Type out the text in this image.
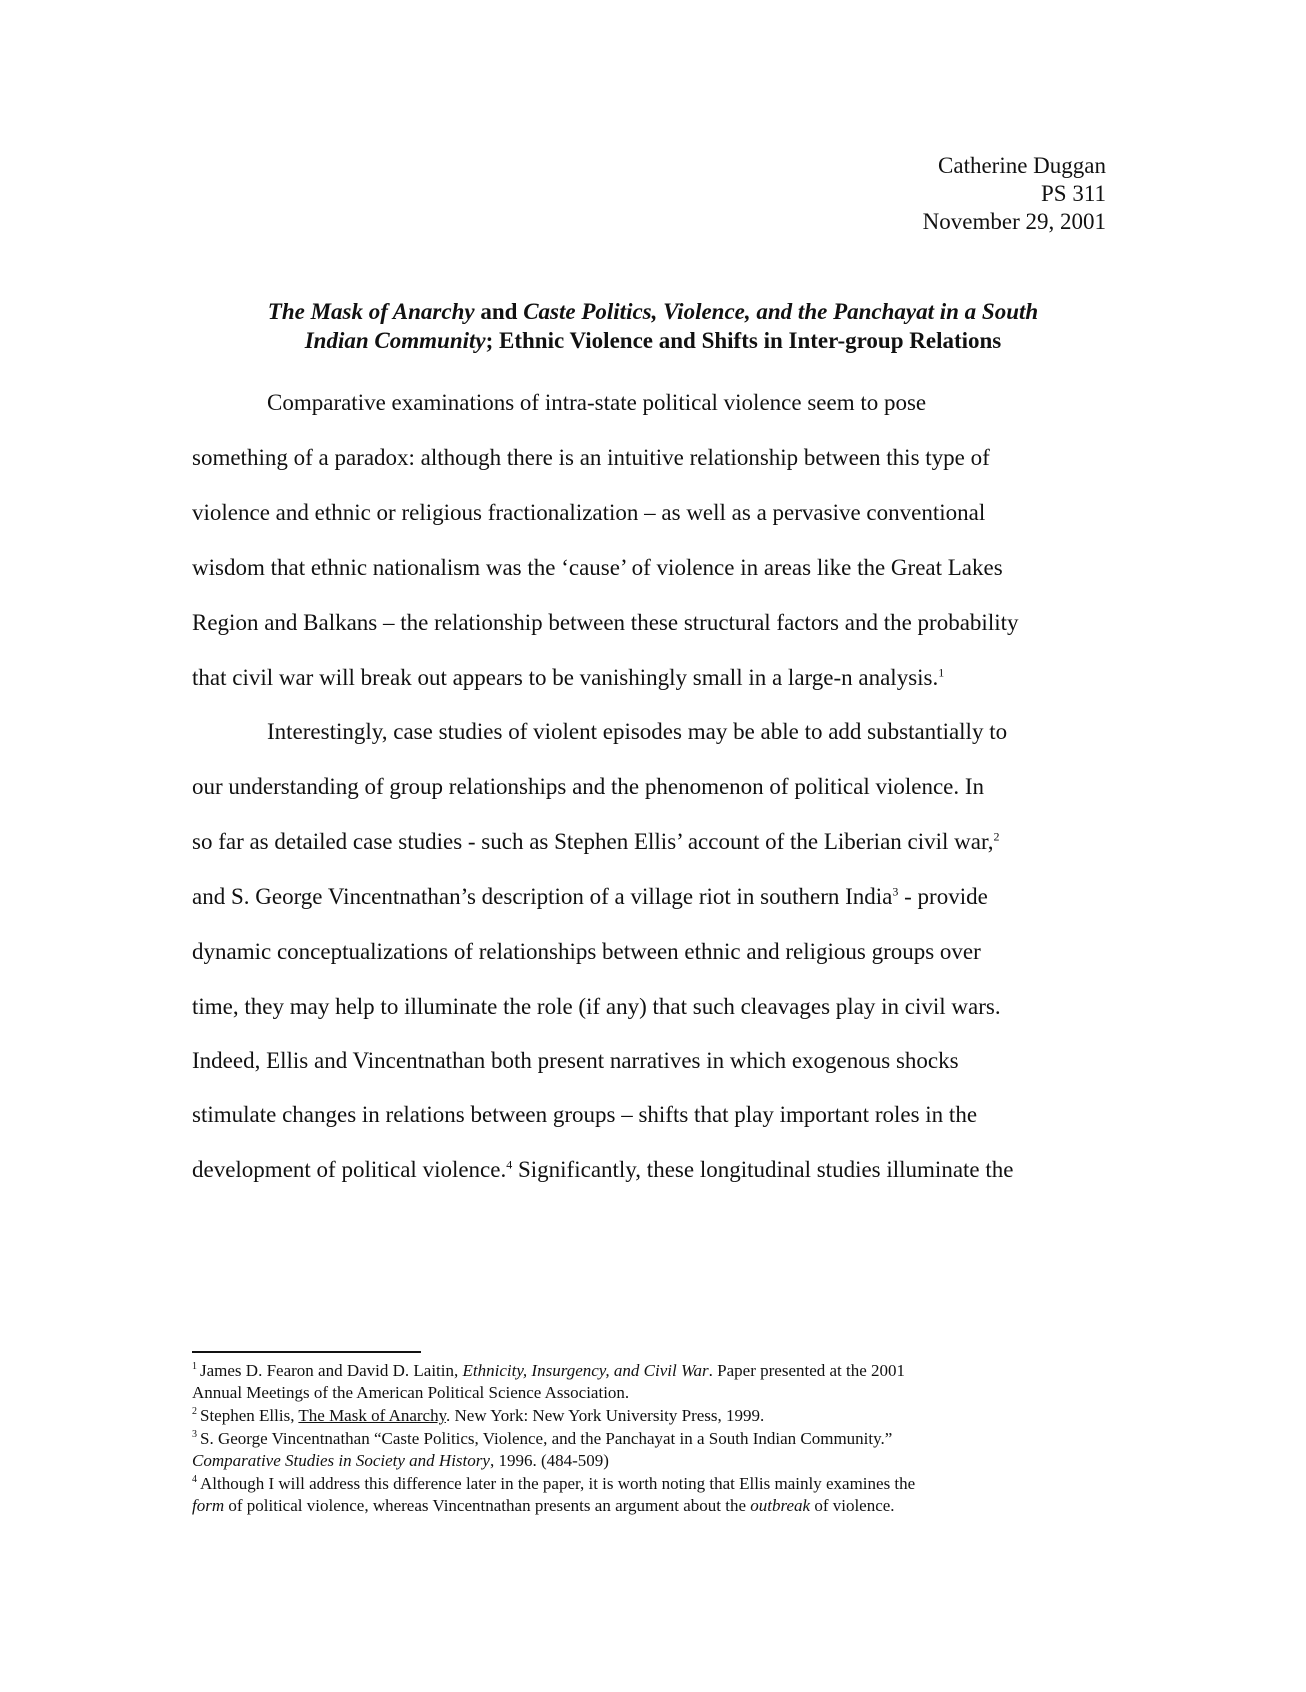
Catherine Duggan
PS 311
November 29, 2001
The Mask of Anarchy and Caste Politics, Violence, and the Panchayat in a South
Indian Community; Ethnic Violence and Shifts in Inter-group Relations
Comparative examinations of intra-state political violence seem to pose
something of a paradox: although there is an intuitive relationship between this type of
violence and ethnic or religious fractionalization – as well as a pervasive conventional
wisdom that ethnic nationalism was the ‘cause’ of violence in areas like the Great Lakes
Region and Balkans – the relationship between these structural factors and the probability
that civil war will break out appears to be vanishingly small in a large-n analysis.$^1$
Interestingly, case studies of violent episodes may be able to add substantially to
our understanding of group relationships and the phenomenon of political violence. In
so far as detailed case studies - such as Stephen Ellis’ account of the Liberian civil war,$^2$
and S. George Vincentnathan’s description of a village riot in southern India$^3$ - provide
dynamic conceptualizations of relationships between ethnic and religious groups over
time, they may help to illuminate the role (if any) that such cleavages play in civil wars.
Indeed, Ellis and Vincentnathan both present narratives in which exogenous shocks
stimulate changes in relations between groups – shifts that play important roles in the
development of political violence.$^4$ Significantly, these longitudinal studies illuminate the
$^1$ James D. Fearon and David D. Laitin, Ethnicity, Insurgency, and Civil War. Paper presented at the 2001
Annual Meetings of the American Political Science Association.
$^2$ Stephen Ellis, The Mask of Anarchy. New York: New York University Press, 1999.
$^3$ S. George Vincentnathan “Caste Politics, Violence, and the Panchayat in a South Indian Community.”
Comparative Studies in Society and History, 1996. (484-509)
$^4$ Although I will address this difference later in the paper, it is worth noting that Ellis mainly examines the
form of political violence, whereas Vincentnathan presents an argument about the outbreak of violence.
